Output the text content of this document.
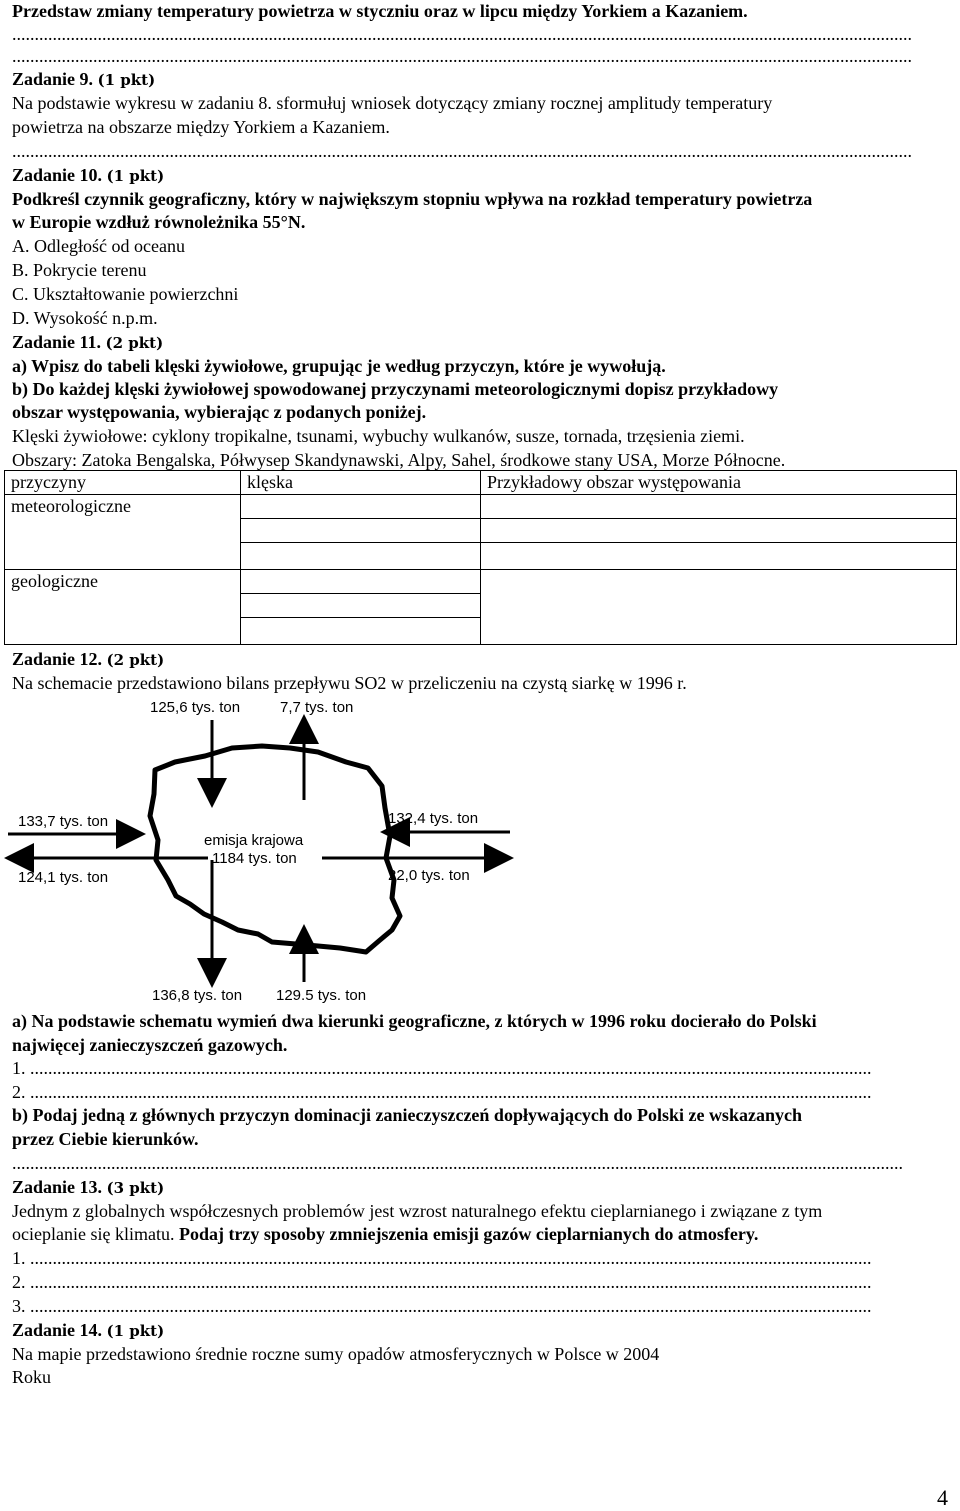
Przedstaw zmiany temperatury powietrza w styczniu oraz w lipcu między Yorkiem a Kazaniem.
........................................................................................................................................................................................................
........................................................................................................................................................................................................
Zadanie 9. (1 pkt)
Na podstawie wykresu w zadaniu 8. sformułuj wniosek dotyczący zmiany rocznej amplitudy temperatury
powietrza na obszarze między Yorkiem a Kazaniem.
........................................................................................................................................................................................................
Zadanie 10. (1 pkt)
Podkreśl czynnik geograficzny, który w największym stopniu wpływa na rozkład temperatury powietrza
w Europie wzdłuż równoleżnika 55°N.
A. Odległość od oceanu
B. Pokrycie terenu
C. Ukształtowanie powierzchni
D. Wysokość n.p.m.
Zadanie 11. (2 pkt)
a) Wpisz do tabeli klęski żywiołowe, grupując je według przyczyn, które je wywołują.
b) Do każdej klęski żywiołowej spowodowanej przyczynami meteorologicznymi dopisz przykładowy
obszar występowania, wybierając z podanych poniżej.
Klęski żywiołowe: cyklony tropikalne, tsunami, wybuchy wulkanów, susze, tornada, trzęsienia ziemi.
Obszary: Zatoka Bengalska, Półwysep Skandynawski, Alpy, Sahel, środkowe stany USA, Morze Północne.
przyczyny	klęska	Przykładowy obszar występowania
meteorologiczne	

geologiczne	

Zadanie 12. (2 pkt)
Na schemacie przedstawiono bilans przepływu SO2 w przeliczeniu na czystą siarkę w 1996 r.
125,6 tys. ton	7,7 tys. ton
133,7 tys. ton
124,1 tys. ton
132,4 tys. ton
22,0 tys. ton
emisja krajowa
1184 tys. ton
136,8 tys. ton 129.5 tys. ton
a) Na podstawie schematu wymień dwa kierunki geograficzne, z których w 1996 roku docierało do Polski
najwięcej zanieczyszczeń gazowych.
1. ...........................................................................................................................................................................................
2. ...........................................................................................................................................................................................
b) Podaj jedną z głównych przyczyn dominacji zanieczyszczeń dopływających do Polski ze wskazanych
przez Ciebie kierunków.
......................................................................................................................................................................................................
Zadanie 13. (3 pkt)
Jednym z globalnych współczesnych problemów jest wzrost naturalnego efektu cieplarnianego i związane z tym
ocieplanie się klimatu. Podaj trzy sposoby zmniejszenia emisji gazów cieplarnianych do atmosfery.
1. ...........................................................................................................................................................................................
2. ...........................................................................................................................................................................................
3. ...........................................................................................................................................................................................
Zadanie 14. (1 pkt)
Na mapie przedstawiono średnie roczne sumy opadów atmosferycznych w Polsce w 2004
Roku
4
